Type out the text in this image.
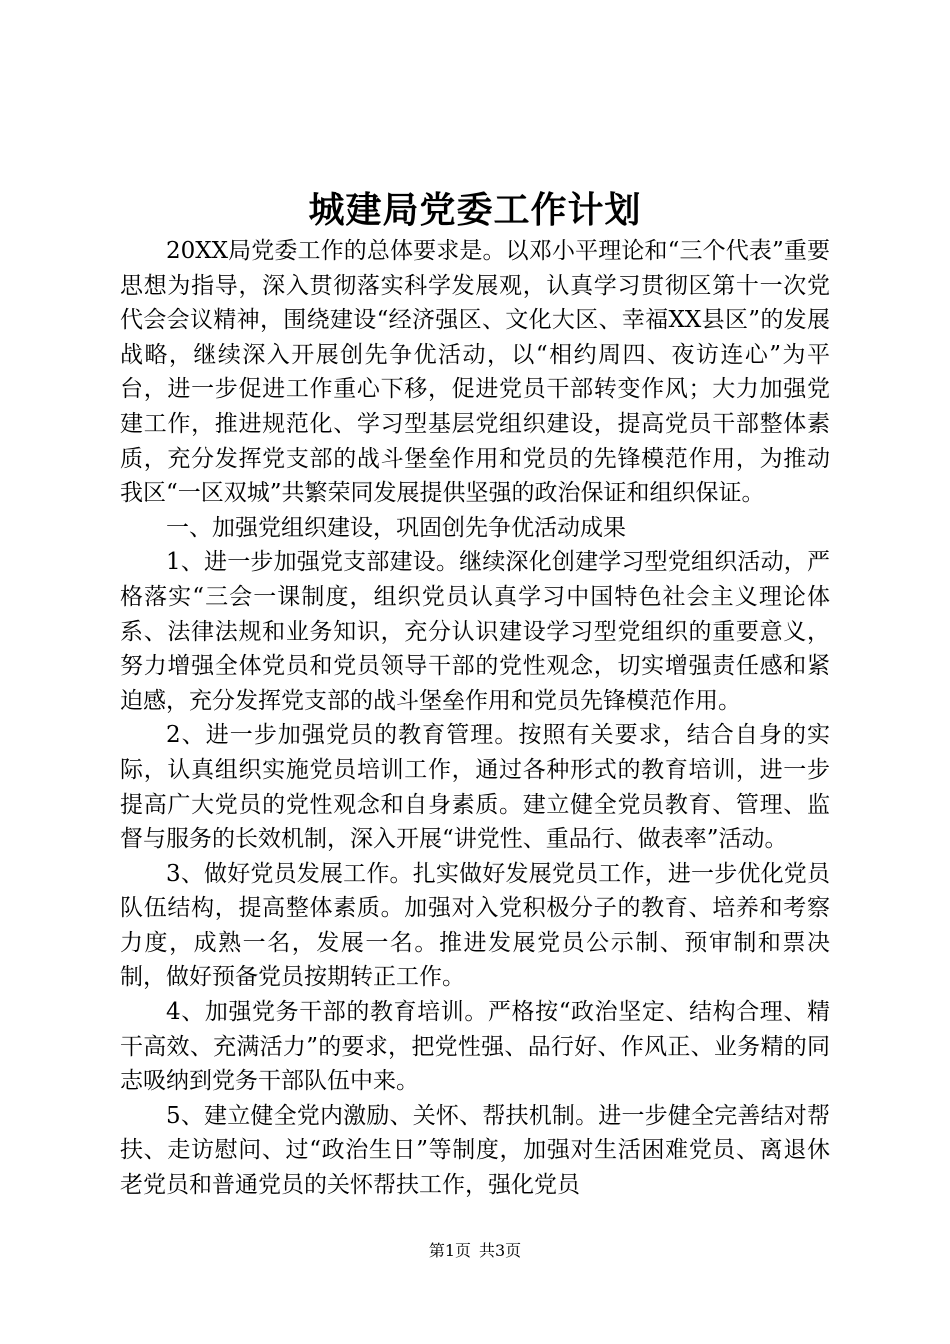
城建局党委工作计划

20XX局党委工作的总体要求是。以邓小平理论和“三个代表”重要思想为指导，深入贯彻落实科学发展观，认真学习贯彻区第十一次党代会会议精神，围绕建设“经济强区、文化大区、幸福XX县区”的发展战略，继续深入开展创先争优活动，以“相约周四、夜访连心”为平台，进一步促进工作重心下移，促进党员干部转变作风；大力加强党建工作，推进规范化、学习型基层党组织建设，提高党员干部整体素质，充分发挥党支部的战斗堡垒作用和党员的先锋模范作用，为推动我区“一区双城”共繁荣同发展提供坚强的政治保证和组织保证。

一、加强党组织建设，巩固创先争优活动成果

1、进一步加强党支部建设。继续深化创建学习型党组织活动，严格落实“三会一课制度，组织党员认真学习中国特色社会主义理论体系、法律法规和业务知识，充分认识建设学习型党组织的重要意义，努力增强全体党员和党员领导干部的党性观念，切实增强责任感和紧迫感，充分发挥党支部的战斗堡垒作用和党员先锋模范作用。

2、进一步加强党员的教育管理。按照有关要求，结合自身的实际，认真组织实施党员培训工作，通过各种形式的教育培训，进一步提高广大党员的党性观念和自身素质。建立健全党员教育、管理、监督与服务的长效机制，深入开展“讲党性、重品行、做表率”活动。

3、做好党员发展工作。扎实做好发展党员工作，进一步优化党员队伍结构，提高整体素质。加强对入党积极分子的教育、培养和考察力度，成熟一名，发展一名。推进发展党员公示制、预审制和票决制，做好预备党员按期转正工作。

4、加强党务干部的教育培训。严格按“政治坚定、结构合理、精干高效、充满活力”的要求，把党性强、品行好、作风正、业务精的同志吸纳到党务干部队伍中来。

5、建立健全党内激励、关怀、帮扶机制。进一步健全完善结对帮扶、走访慰问、过“政治生日”等制度，加强对生活困难党员、离退休老党员和普通党员的关怀帮扶工作，强化党员

第1页 共3页
